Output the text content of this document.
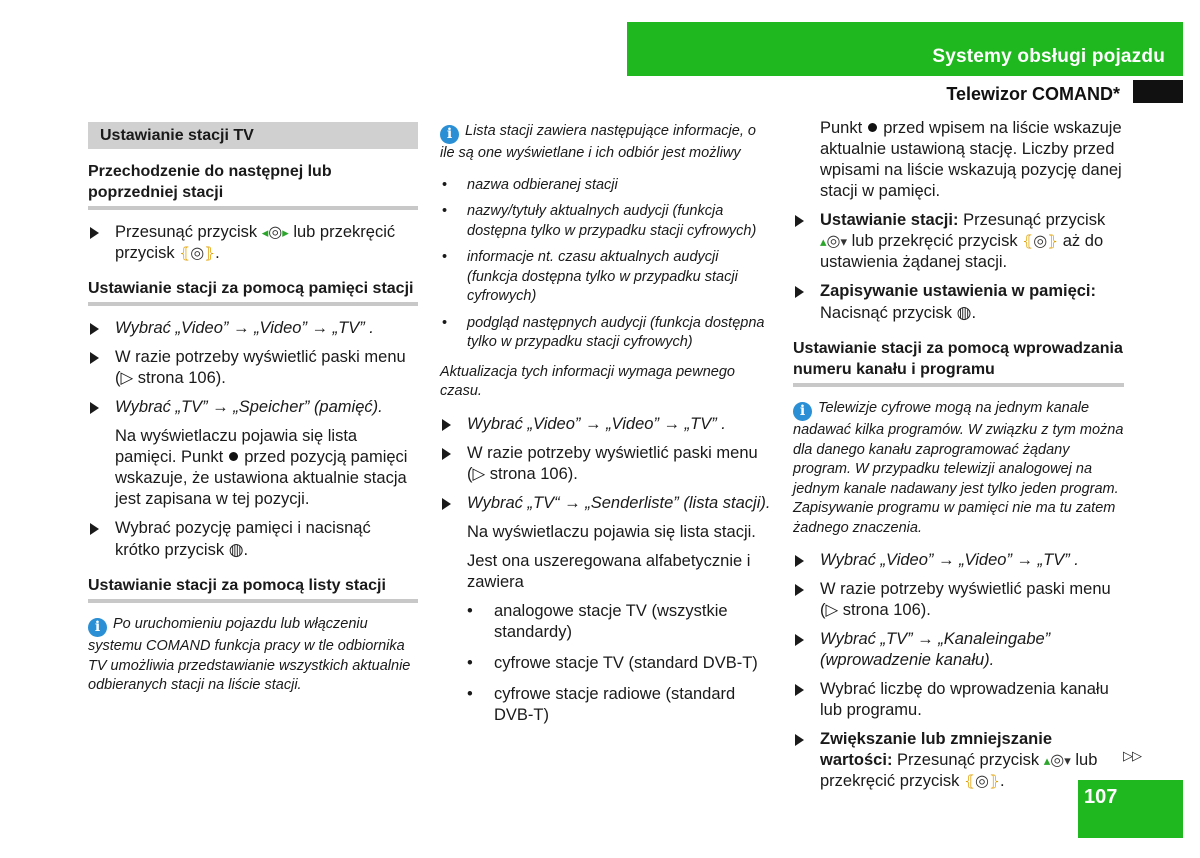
Systemy obsługi pojazdu

Telewizor COMAND*

Ustawianie stacji TV
Przechodzenie do następnej lub poprzedniej stacji
Przesunąć przycisk ◂◎▸ lub przekręcić przycisk ⦃◎⦄.
Ustawianie stacji za pomocą pamięci stacji
Wybrać „Video” → „Video” → „TV” .
W razie potrzeby wyświetlić paski menu (▷ strona 106).
Wybrać „TV” → „Speicher” (pamięć).
Na wyświetlaczu pojawia się lista pamięci. Punkt przed pozycją pamięci wskazuje, że ustawiona aktualnie stacja jest zapisana w tej pozycji.
Wybrać pozycję pamięci i nacisnąć krótko przycisk ◍.
Ustawianie stacji za pomocą listy stacji
i Po uruchomieniu pojazdu lub włączeniu systemu COMAND funkcja pracy w tle odbiornika TV umożliwia przedstawianie wszystkich aktualnie odbieranych stacji na liście stacji.
i Lista stacji zawiera następujące informacje, o ile są one wyświetlane i ich odbiór jest możliwy
• nazwa odbieranej stacji
• nazwy/tytuły aktualnych audycji (funkcja dostępna tylko w przypadku stacji cyfrowych)
• informacje nt. czasu aktualnych audycji (funkcja dostępna tylko w przypadku stacji cyfrowych)
• podgląd następnych audycji (funkcja dostępna tylko w przypadku stacji cyfrowych)
Aktualizacja tych informacji wymaga pewnego czasu.
Wybrać „Video” → „Video” → „TV” .
W razie potrzeby wyświetlić paski menu (▷ strona 106).
Wybrać „TV“ → „Senderliste” (lista stacji).
Na wyświetlaczu pojawia się lista stacji.
Jest ona uszeregowana alfabetycznie i zawiera
• analogowe stacje TV (wszystkie standardy)
• cyfrowe stacje TV (standard DVB-T)
• cyfrowe stacje radiowe (standard DVB-T)
Punkt przed wpisem na liście wskazuje aktualnie ustawioną stację. Liczby przed wpisami na liście wskazują pozycję danej stacji w pamięci.
Ustawianie stacji: Przesunąć przycisk ▴◎▾ lub przekręcić przycisk ⦃◎⦄ aż do ustawienia żądanej stacji.
Zapisywanie ustawienia w pamięci: Nacisnąć przycisk ◍.
Ustawianie stacji za pomocą wprowadzania numeru kanału i programu
i Telewizje cyfrowe mogą na jednym kanale nadawać kilka programów. W związku z tym można dla danego kanału zaprogramować żądany program. W przypadku telewizji analogowej na jednym kanale nadawany jest tylko jeden program. Zapisywanie programu w pamięci nie ma tu zatem żadnego znaczenia.
Wybrać „Video” → „Video” → „TV” .
W razie potrzeby wyświetlić paski menu (▷ strona 106).
Wybrać „TV” → „Kanaleingabe” (wprowadzenie kanału).
Wybrać liczbę do wprowadzenia kanału lub programu.
Zwiększanie lub zmniejszanie wartości: Przesunąć przycisk ▴◎▾ lub przekręcić przycisk ⦃◎⦄.
▷▷

107
